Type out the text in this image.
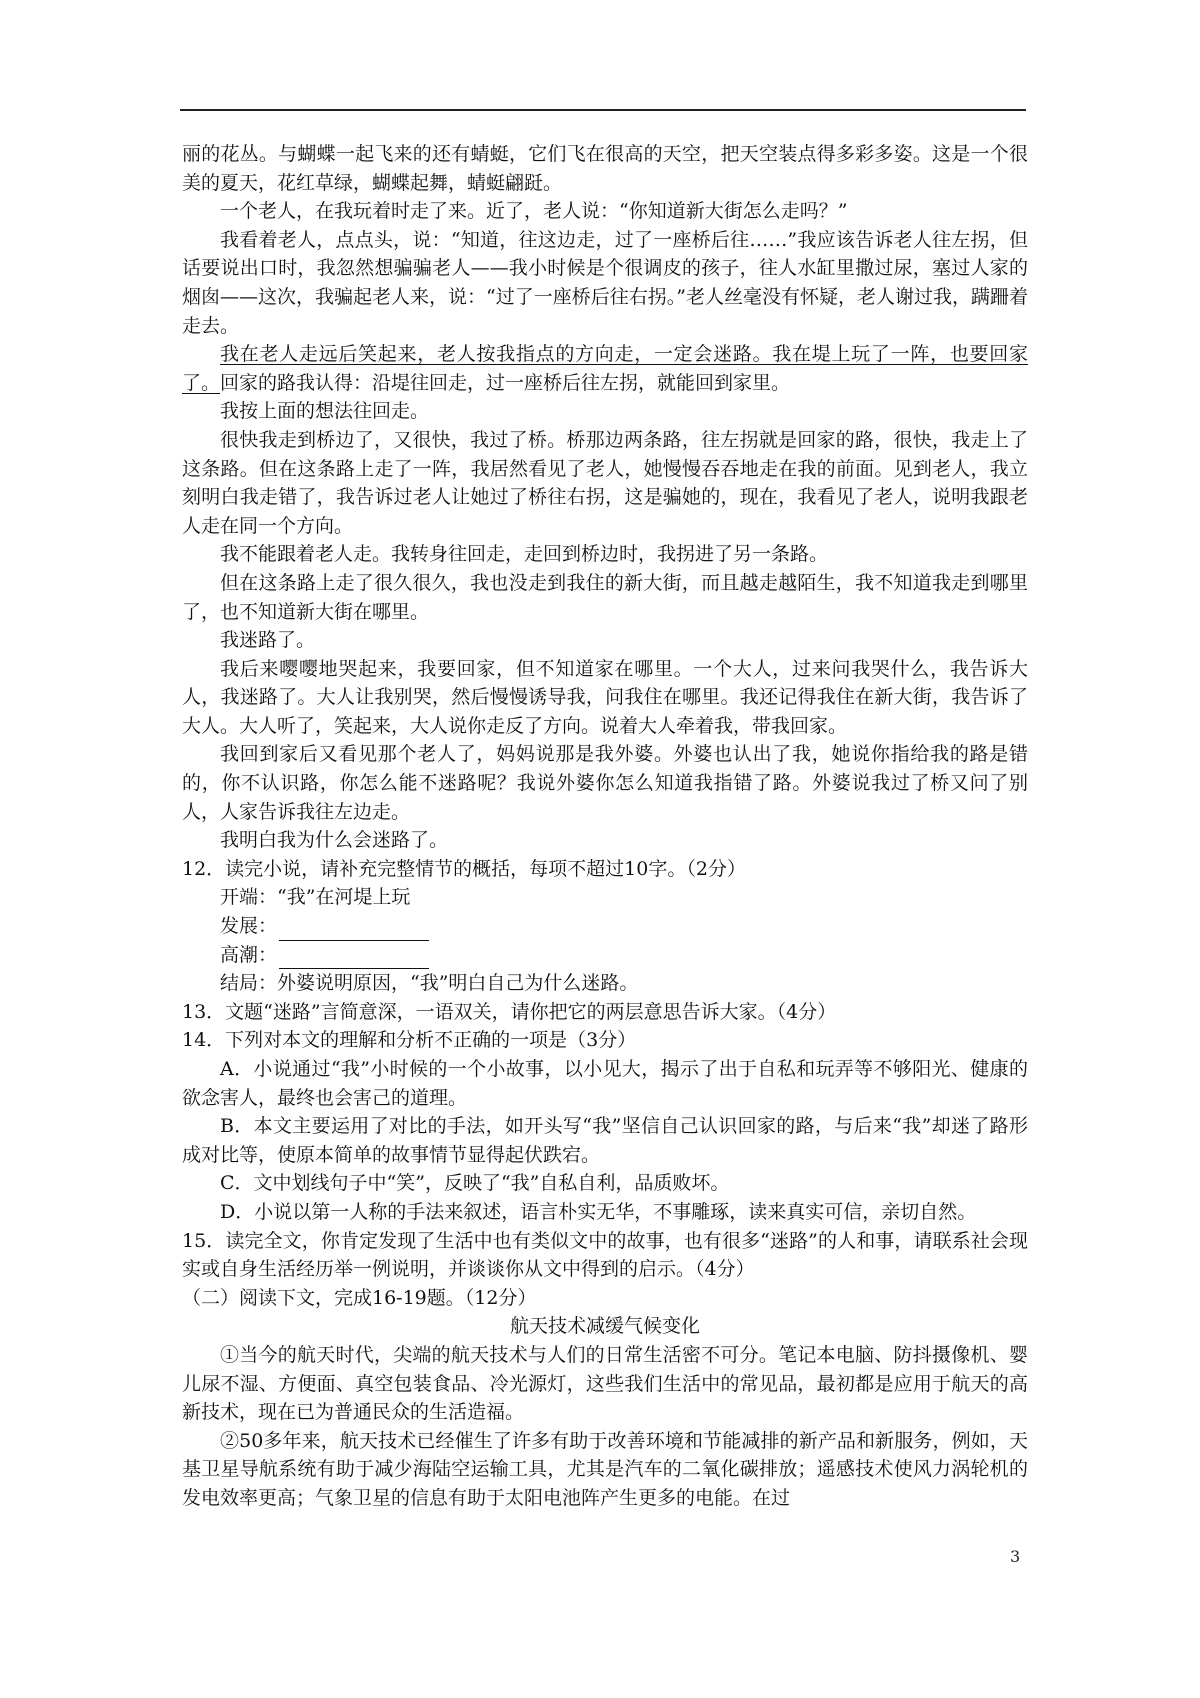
丽的花丛。与蝴蝶一起飞来的还有蜻蜓，它们飞在很高的天空，把天空装点得多彩多姿。这是一个很美的夏天，花红草绿，蝴蝶起舞，蜻蜓翩跹。

一个老人，在我玩着时走了来。近了，老人说：“你知道新大街怎么走吗？”

我看着老人，点点头，说：“知道，往这边走，过了一座桥后往……”我应该告诉老人往左拐，但话要说出口时，我忽然想骗骗老人——我小时候是个很调皮的孩子，往人水缸里撒过尿，塞过人家的烟囱——这次，我骗起老人来，说：“过了一座桥后往右拐。”老人丝毫没有怀疑，老人谢过我，蹒跚着走去。

我在老人走远后笑起来，老人按我指点的方向走，一定会迷路。我在堤上玩了一阵，也要回家了。回家的路我认得：沿堤往回走，过一座桥后往左拐，就能回到家里。

我按上面的想法往回走。

很快我走到桥边了，又很快，我过了桥。桥那边两条路，往左拐就是回家的路，很快，我走上了这条路。但在这条路上走了一阵，我居然看见了老人，她慢慢吞吞地走在我的前面。见到老人，我立刻明白我走错了，我告诉过老人让她过了桥往右拐，这是骗她的，现在，我看见了老人，说明我跟老人走在同一个方向。

我不能跟着老人走。我转身往回走，走回到桥边时，我拐进了另一条路。

但在这条路上走了很久很久，我也没走到我住的新大街，而且越走越陌生，我不知道我走到哪里了，也不知道新大街在哪里。

我迷路了。

我后来嘤嘤地哭起来，我要回家，但不知道家在哪里。一个大人，过来问我哭什么，我告诉大人，我迷路了。大人让我别哭，然后慢慢诱导我，问我住在哪里。我还记得我住在新大街，我告诉了大人。大人听了，笑起来，大人说你走反了方向。说着大人牵着我，带我回家。

我回到家后又看见那个老人了，妈妈说那是我外婆。外婆也认出了我，她说你指给我的路是错的，你不认识路，你怎么能不迷路呢？我说外婆你怎么知道我指错了路。外婆说我过了桥又问了别人，人家告诉我往左边走。

我明白我为什么会迷路了。

12．读完小说，请补充完整情节的概括，每项不超过10字。（2分）

开端：“我”在河堤上玩

发展：

高潮：

结局：外婆说明原因，“我”明白自己为什么迷路。

13．文题“迷路”言简意深，一语双关，请你把它的两层意思告诉大家。（4分）

14．下列对本文的理解和分析不正确的一项是（3分）

A．小说通过“我”小时候的一个小故事，以小见大，揭示了出于自私和玩弄等不够阳光、健康的欲念害人，最终也会害己的道理。

B．本文主要运用了对比的手法，如开头写“我”坚信自己认识回家的路，与后来“我”却迷了路形成对比等，使原本简单的故事情节显得起伏跌宕。

C．文中划线句子中“笑”，反映了“我”自私自利，品质败坏。

D．小说以第一人称的手法来叙述，语言朴实无华，不事雕琢，读来真实可信，亲切自然。

15．读完全文，你肯定发现了生活中也有类似文中的故事，也有很多“迷路”的人和事，请联系社会现实或自身生活经历举一例说明，并谈谈你从文中得到的启示。（4分）

（二）阅读下文，完成16-19题。（12分）

航天技术减缓气候变化

①当今的航天时代，尖端的航天技术与人们的日常生活密不可分。笔记本电脑、防抖摄像机、婴儿尿不湿、方便面、真空包装食品、冷光源灯，这些我们生活中的常见品，最初都是应用于航天的高新技术，现在已为普通民众的生活造福。

②50多年来，航天技术已经催生了许多有助于改善环境和节能减排的新产品和新服务，例如，天基卫星导航系统有助于减少海陆空运输工具，尤其是汽车的二氧化碳排放；遥感技术使风力涡轮机的发电效率更高；气象卫星的信息有助于太阳电池阵产生更多的电能。在过

3
